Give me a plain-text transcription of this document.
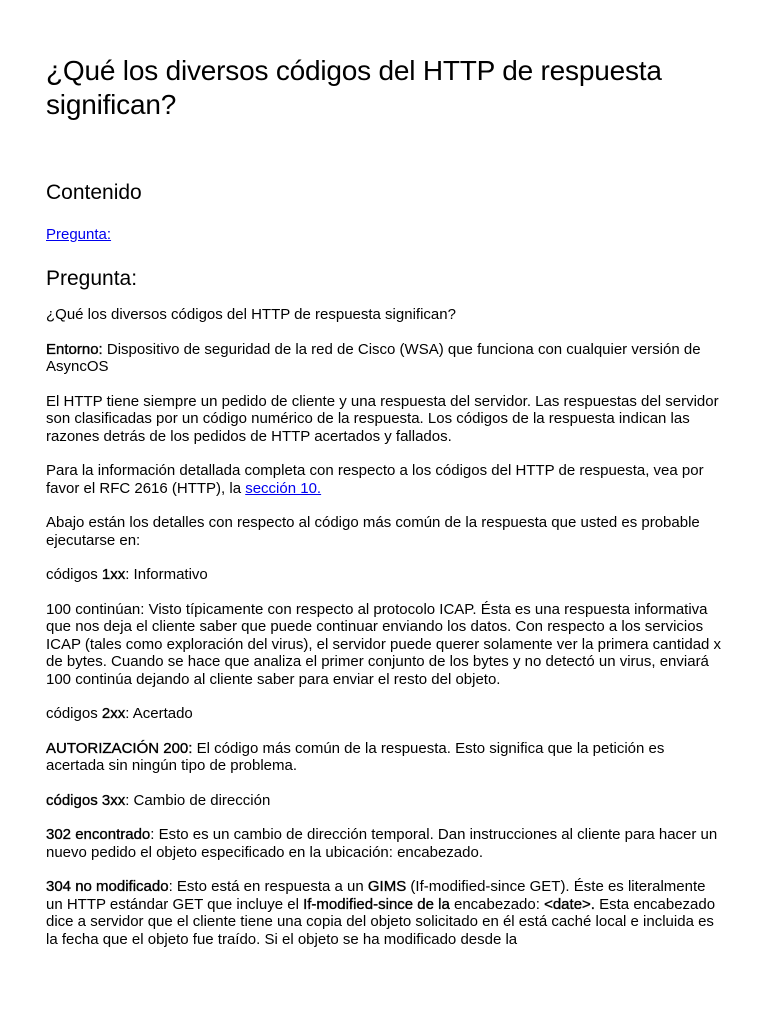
¿Qué los diversos códigos del HTTP de respuesta significan?
Contenido
Pregunta:
Pregunta:

¿Qué los diversos códigos del HTTP de respuesta significan?

Entorno: Dispositivo de seguridad de la red de Cisco (WSA) que funciona con cualquier versión de AsyncOS

El HTTP tiene siempre un pedido de cliente y una respuesta del servidor. Las respuestas del servidor son clasificadas por un código numérico de la respuesta. Los códigos de la respuesta indican las razones detrás de los pedidos de HTTP acertados y fallados.

Para la información detallada completa con respecto a los códigos del HTTP de respuesta, vea por favor el RFC 2616 (HTTP), la sección 10.

Abajo están los detalles con respecto al código más común de la respuesta que usted es probable ejecutarse en:

códigos 1xx: Informativo

100 continúan: Visto típicamente con respecto al protocolo ICAP. Ésta es una respuesta informativa que nos deja el cliente saber que puede continuar enviando los datos. Con respecto a los servicios ICAP (tales como exploración del virus), el servidor puede querer solamente ver la primera cantidad x de bytes. Cuando se hace que analiza el primer conjunto de los bytes y no detectó un virus, enviará 100 continúa dejando al cliente saber para enviar el resto del objeto.

códigos 2xx: Acertado

AUTORIZACIÓN 200: El código más común de la respuesta. Esto significa que la petición es acertada sin ningún tipo de problema.

códigos 3xx: Cambio de dirección

302 encontrado: Esto es un cambio de dirección temporal. Dan instrucciones al cliente para hacer un nuevo pedido el objeto especificado en la ubicación: encabezado.

304 no modificado: Esto está en respuesta a un GIMS (If-modified-since GET). Éste es literalmente un HTTP estándar GET que incluye el If-modified-since de la encabezado: <date>. Esta encabezado dice a servidor que el cliente tiene una copia del objeto solicitado en él está caché local e incluida es la fecha que el objeto fue traído. Si el objeto se ha modificado desde la
